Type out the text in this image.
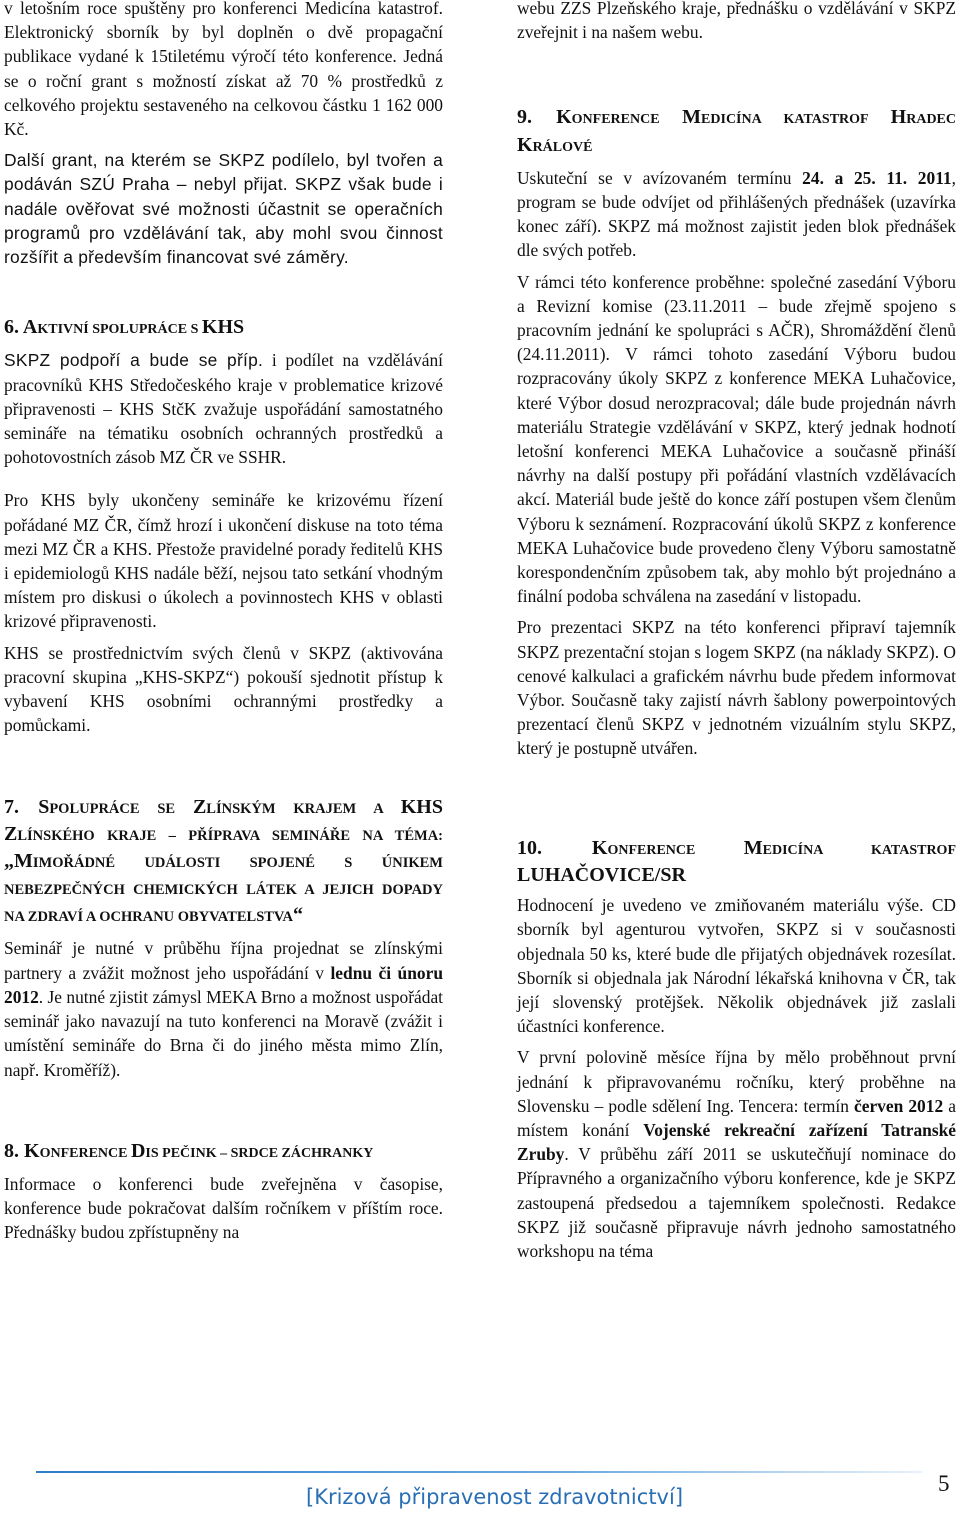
v letošním roce spuštěny pro konferenci Medicína katastrof. Elektronický sborník by byl doplněn o dvě propagační publikace vydané k 15tiletému výročí této konference. Jedná se o roční grant s možností získat až 70 % prostředků z celkového projektu sestaveného na celkovou částku 1 162 000 Kč.

Další grant, na kterém se SKPZ podílelo, byl tvořen a podáván SZÚ Praha – nebyl přijat. SKPZ však bude i nadále ověřovat své možnosti účastnit se operačních programů pro vzdělávání tak, aby mohl svou činnost rozšířit a především financovat své záměry.

6. AKTIVNÍ SPOLUPRÁCE S KHS

SKPZ podpoří a bude se příp. i podílet na vzdělávání pracovníků KHS Středočeského kraje v problematice krizové připravenosti – KHS StčK zvažuje uspořádání samostatného semináře na tématiku osobních ochranných prostředků a pohotovostních zásob MZ ČR ve SSHR.

Pro KHS byly ukončeny semináře ke krizovému řízení pořádané MZ ČR, čímž hrozí i ukončení diskuse na toto téma mezi MZ ČR a KHS. Přestože pravidelné porady ředitelů KHS i epidemiologů KHS nadále běží, nejsou tato setkání vhodným místem pro diskusi o úkolech a povinnostech KHS v oblasti krizové připravenosti.

KHS se prostřednictvím svých členů v SKPZ (aktivována pracovní skupina „KHS-SKPZ“) pokouší sjednotit přístup k vybavení KHS osobními ochrannými prostředky a pomůckami.

7. SPOLUPRÁCE SE ZLÍNSKÝM KRAJEM A KHS ZLÍNSKÉHO KRAJE – PŘÍPRAVA SEMINÁŘE NA TÉMA: „MIMOŘÁDNÉ UDÁLOSTI SPOJENÉ S ÚNIKEM NEBEZPEČNÝCH CHEMICKÝCH LÁTEK A JEJICH DOPADY NA ZDRAVÍ A OCHRANU OBYVATELSTVA“

Seminář je nutné v průběhu října projednat se zlínskými partnery a zvážit možnost jeho uspořádání v lednu či únoru 2012. Je nutné zjistit zámysl MEKA Brno a možnost uspořádat seminář jako navazují na tuto konferenci na Moravě (zvážit i umístění semináře do Brna či do jiného města mimo Zlín, např. Kroměříž).

8. KONFERENCE DIS PEČINK – SRDCE ZÁCHRANKY

Informace o konferenci bude zveřejněna v časopise, konference bude pokračovat dalším ročníkem v příštím roce. Přednášky budou zpřístupněny na

webu ZZS Plzeňského kraje, přednášku o vzdělávání v SKPZ zveřejnit i na našem webu.

9. KONFERENCE MEDICÍNA KATASTROF HRADEC KRÁLOVÉ

Uskuteční se v avízovaném termínu 24. a 25. 11. 2011, program se bude odvíjet od přihlášených přednášek (uzavírka konec září). SKPZ má možnost zajistit jeden blok přednášek dle svých potřeb.

V rámci této konference proběhne: společné zasedání Výboru a Revizní komise (23.11.2011 – bude zřejmě spojeno s pracovním jednání ke spolupráci s AČR), Shromáždění členů (24.11.2011). V rámci tohoto zasedání Výboru budou rozpracovány úkoly SKPZ z konference MEKA Luhačovice, které Výbor dosud nerozpracoval; dále bude projednán návrh materiálu Strategie vzdělávání v SKPZ, který jednak hodnotí letošní konferenci MEKA Luhačovice a současně přináší návrhy na další postupy při pořádání vlastních vzdělávacích akcí. Materiál bude ještě do konce září postupen všem členům Výboru k seznámení. Rozpracování úkolů SKPZ z konference MEKA Luhačovice bude provedeno členy Výboru samostatně korespondenčním způsobem tak, aby mohlo být projednáno a finální podoba schválena na zasedání v listopadu.

Pro prezentaci SKPZ na této konferenci připraví tajemník SKPZ prezentační stojan s logem SKPZ (na náklady SKPZ). O cenové kalkulaci a grafickém návrhu bude předem informovat Výbor. Současně taky zajistí návrh šablony powerpointových prezentací členů SKPZ v jednotném vizuálním stylu SKPZ, který je postupně utvářen.

10. KONFERENCE MEDICÍNA KATASTROF LUHAČOVICE/SR

Hodnocení je uvedeno ve zmiňovaném materiálu výše. CD sborník byl agenturou vytvořen, SKPZ si v současnosti objednala 50 ks, které bude dle přijatých objednávek rozesílat. Sborník si objednala jak Národní lékařská knihovna v ČR, tak její slovenský protějšek. Několik objednávek již zaslali účastníci konference.

V první polovině měsíce října by mělo proběhnout první jednání k připravovanému ročníku, který proběhne na Slovensku – podle sdělení Ing. Tencera: termín červen 2012 a místem konání Vojenské rekreační zařízení Tatranské Zruby. V průběhu září 2011 se uskutečňují nominace do Přípravného a organizačního výboru konference, kde je SKPZ zastoupená předsedou a tajemníkem společnosti. Redakce SKPZ již současně připravuje návrh jednoho samostatného workshopu na téma

[Krizová připravenost zdravotnictví]
5
